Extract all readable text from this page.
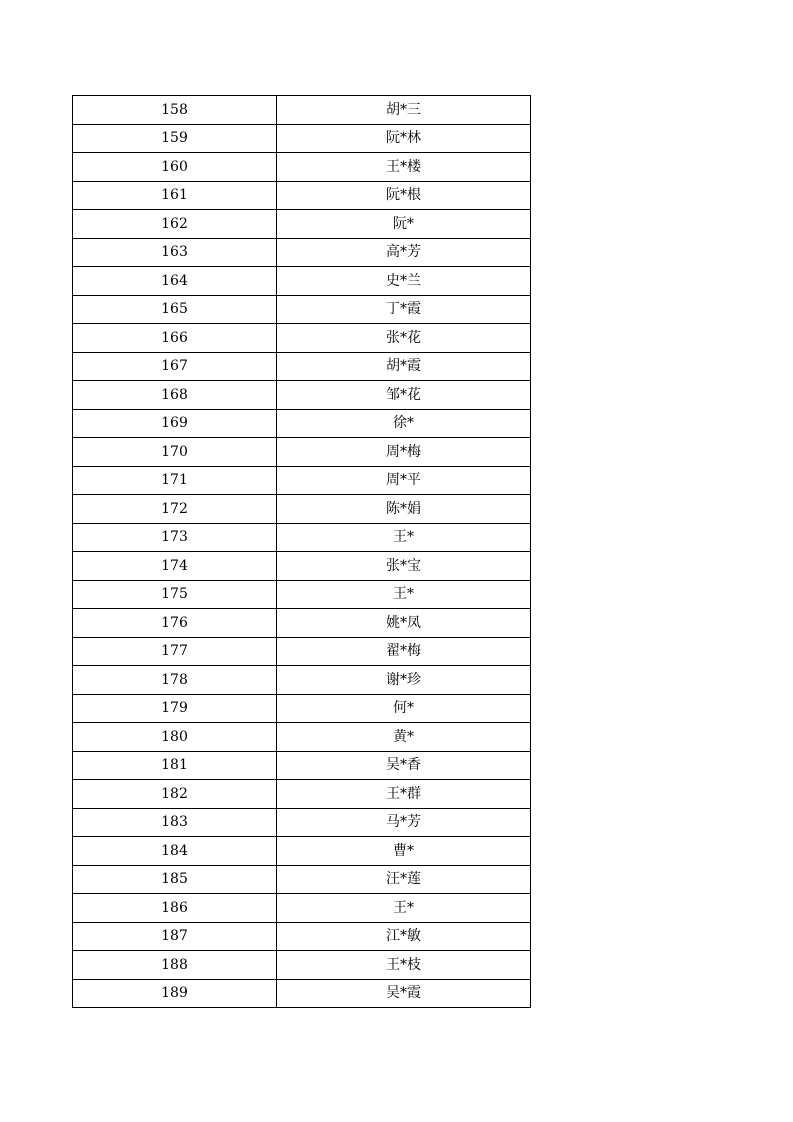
158	胡*三
159	阮*林
160	王*楼
161	阮*根
162	阮*
163	高*芳
164	史*兰
165	丁*霞
166	张*花
167	胡*霞
168	邹*花
169	徐*
170	周*梅
171	周*平
172	陈*娟
173	王*
174	张*宝
175	王*
176	姚*凤
177	翟*梅
178	谢*珍
179	何*
180	黄*
181	吴*香
182	王*群
183	马*芳
184	曹*
185	汪*莲
186	王*
187	江*敏
188	王*枝
189	吴*霞
